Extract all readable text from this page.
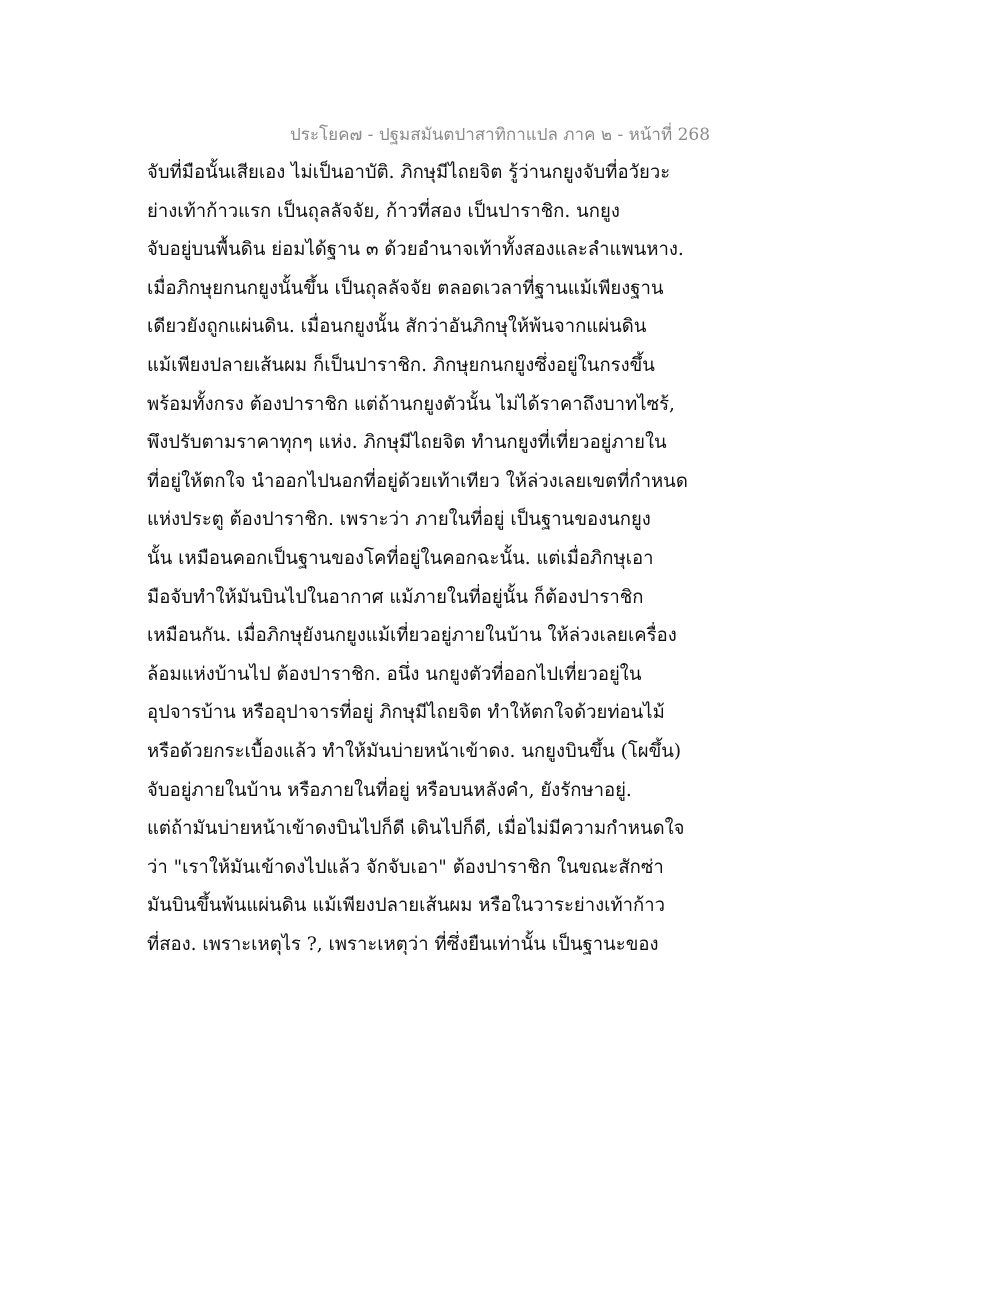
ประโยค๗ - ปฐมสมันตปาสาทิกาแปล ภาค ๒ - หน้าที่ 268
จับที่มือนั้นเสียเอง ไม่เป็นอาบัติ. ภิกษุมีไถยจิต รู้ว่านกยูงจับที่อวัยวะ
ย่างเท้าก้าวแรก เป็นถุลลัจจัย, ก้าวที่สอง เป็นปาราชิก. นกยูง
จับอยู่บนพื้นดิน ย่อมได้ฐาน ๓ ด้วยอำนาจเท้าทั้งสองและลำแพนหาง.
เมื่อภิกษุยกนกยูงนั้นขึ้น เป็นถุลลัจจัย ตลอดเวลาที่ฐานแม้เพียงฐาน
เดียวยังถูกแผ่นดิน. เมื่อนกยูงนั้น สักว่าอันภิกษุให้พ้นจากแผ่นดิน
แม้เพียงปลายเส้นผม ก็เป็นปาราชิก. ภิกษุยกนกยูงซึ่งอยู่ในกรงขึ้น
พร้อมทั้งกรง ต้องปาราชิก แต่ถ้านกยูงตัวนั้น ไม่ได้ราคาถึงบาทไซร้,
พึงปรับตามราคาทุกๆ แห่ง. ภิกษุมีไถยจิต ทำนกยูงที่เที่ยวอยู่ภายใน
ที่อยู่ให้ตกใจ นำออกไปนอกที่อยู่ด้วยเท้าเทียว ให้ล่วงเลยเขตที่กำหนด
แห่งประตู ต้องปาราชิก. เพราะว่า ภายในที่อยู่ เป็นฐานของนกยูง
นั้น เหมือนคอกเป็นฐานของโคที่อยู่ในคอกฉะนั้น. แต่เมื่อภิกษุเอา
มือจับทำให้มันบินไปในอากาศ แม้ภายในที่อยู่นั้น ก็ต้องปาราชิก
เหมือนกัน. เมื่อภิกษุยังนกยูงแม้เที่ยวอยู่ภายในบ้าน ให้ล่วงเลยเครื่อง
ล้อมแห่งบ้านไป ต้องปาราชิก. อนึ่ง นกยูงตัวที่ออกไปเที่ยวอยู่ใน
อุปจารบ้าน หรืออุปาจารที่อยู่ ภิกษุมีไถยจิต ทำให้ตกใจด้วยท่อนไม้
หรือด้วยกระเบื้องแล้ว ทำให้มันบ่ายหน้าเข้าดง. นกยูงบินขึ้น (โผขึ้น)
จับอยู่ภายในบ้าน หรือภายในที่อยู่ หรือบนหลังคำ, ยังรักษาอยู่.
แต่ถ้ามันบ่ายหน้าเข้าดงบินไปก็ดี เดินไปก็ดี, เมื่อไม่มีความกำหนดใจ
ว่า "เราให้มันเข้าดงไปแล้ว จักจับเอา" ต้องปาราชิก ในขณะสักซ่า
มันบินขึ้นพ้นแผ่นดิน แม้เพียงปลายเส้นผม หรือในวาระย่างเท้าก้าว
ที่สอง. เพราะเหตุไร ?, เพราะเหตุว่า ที่ซึ่งยืนเท่านั้น เป็นฐานะของ
